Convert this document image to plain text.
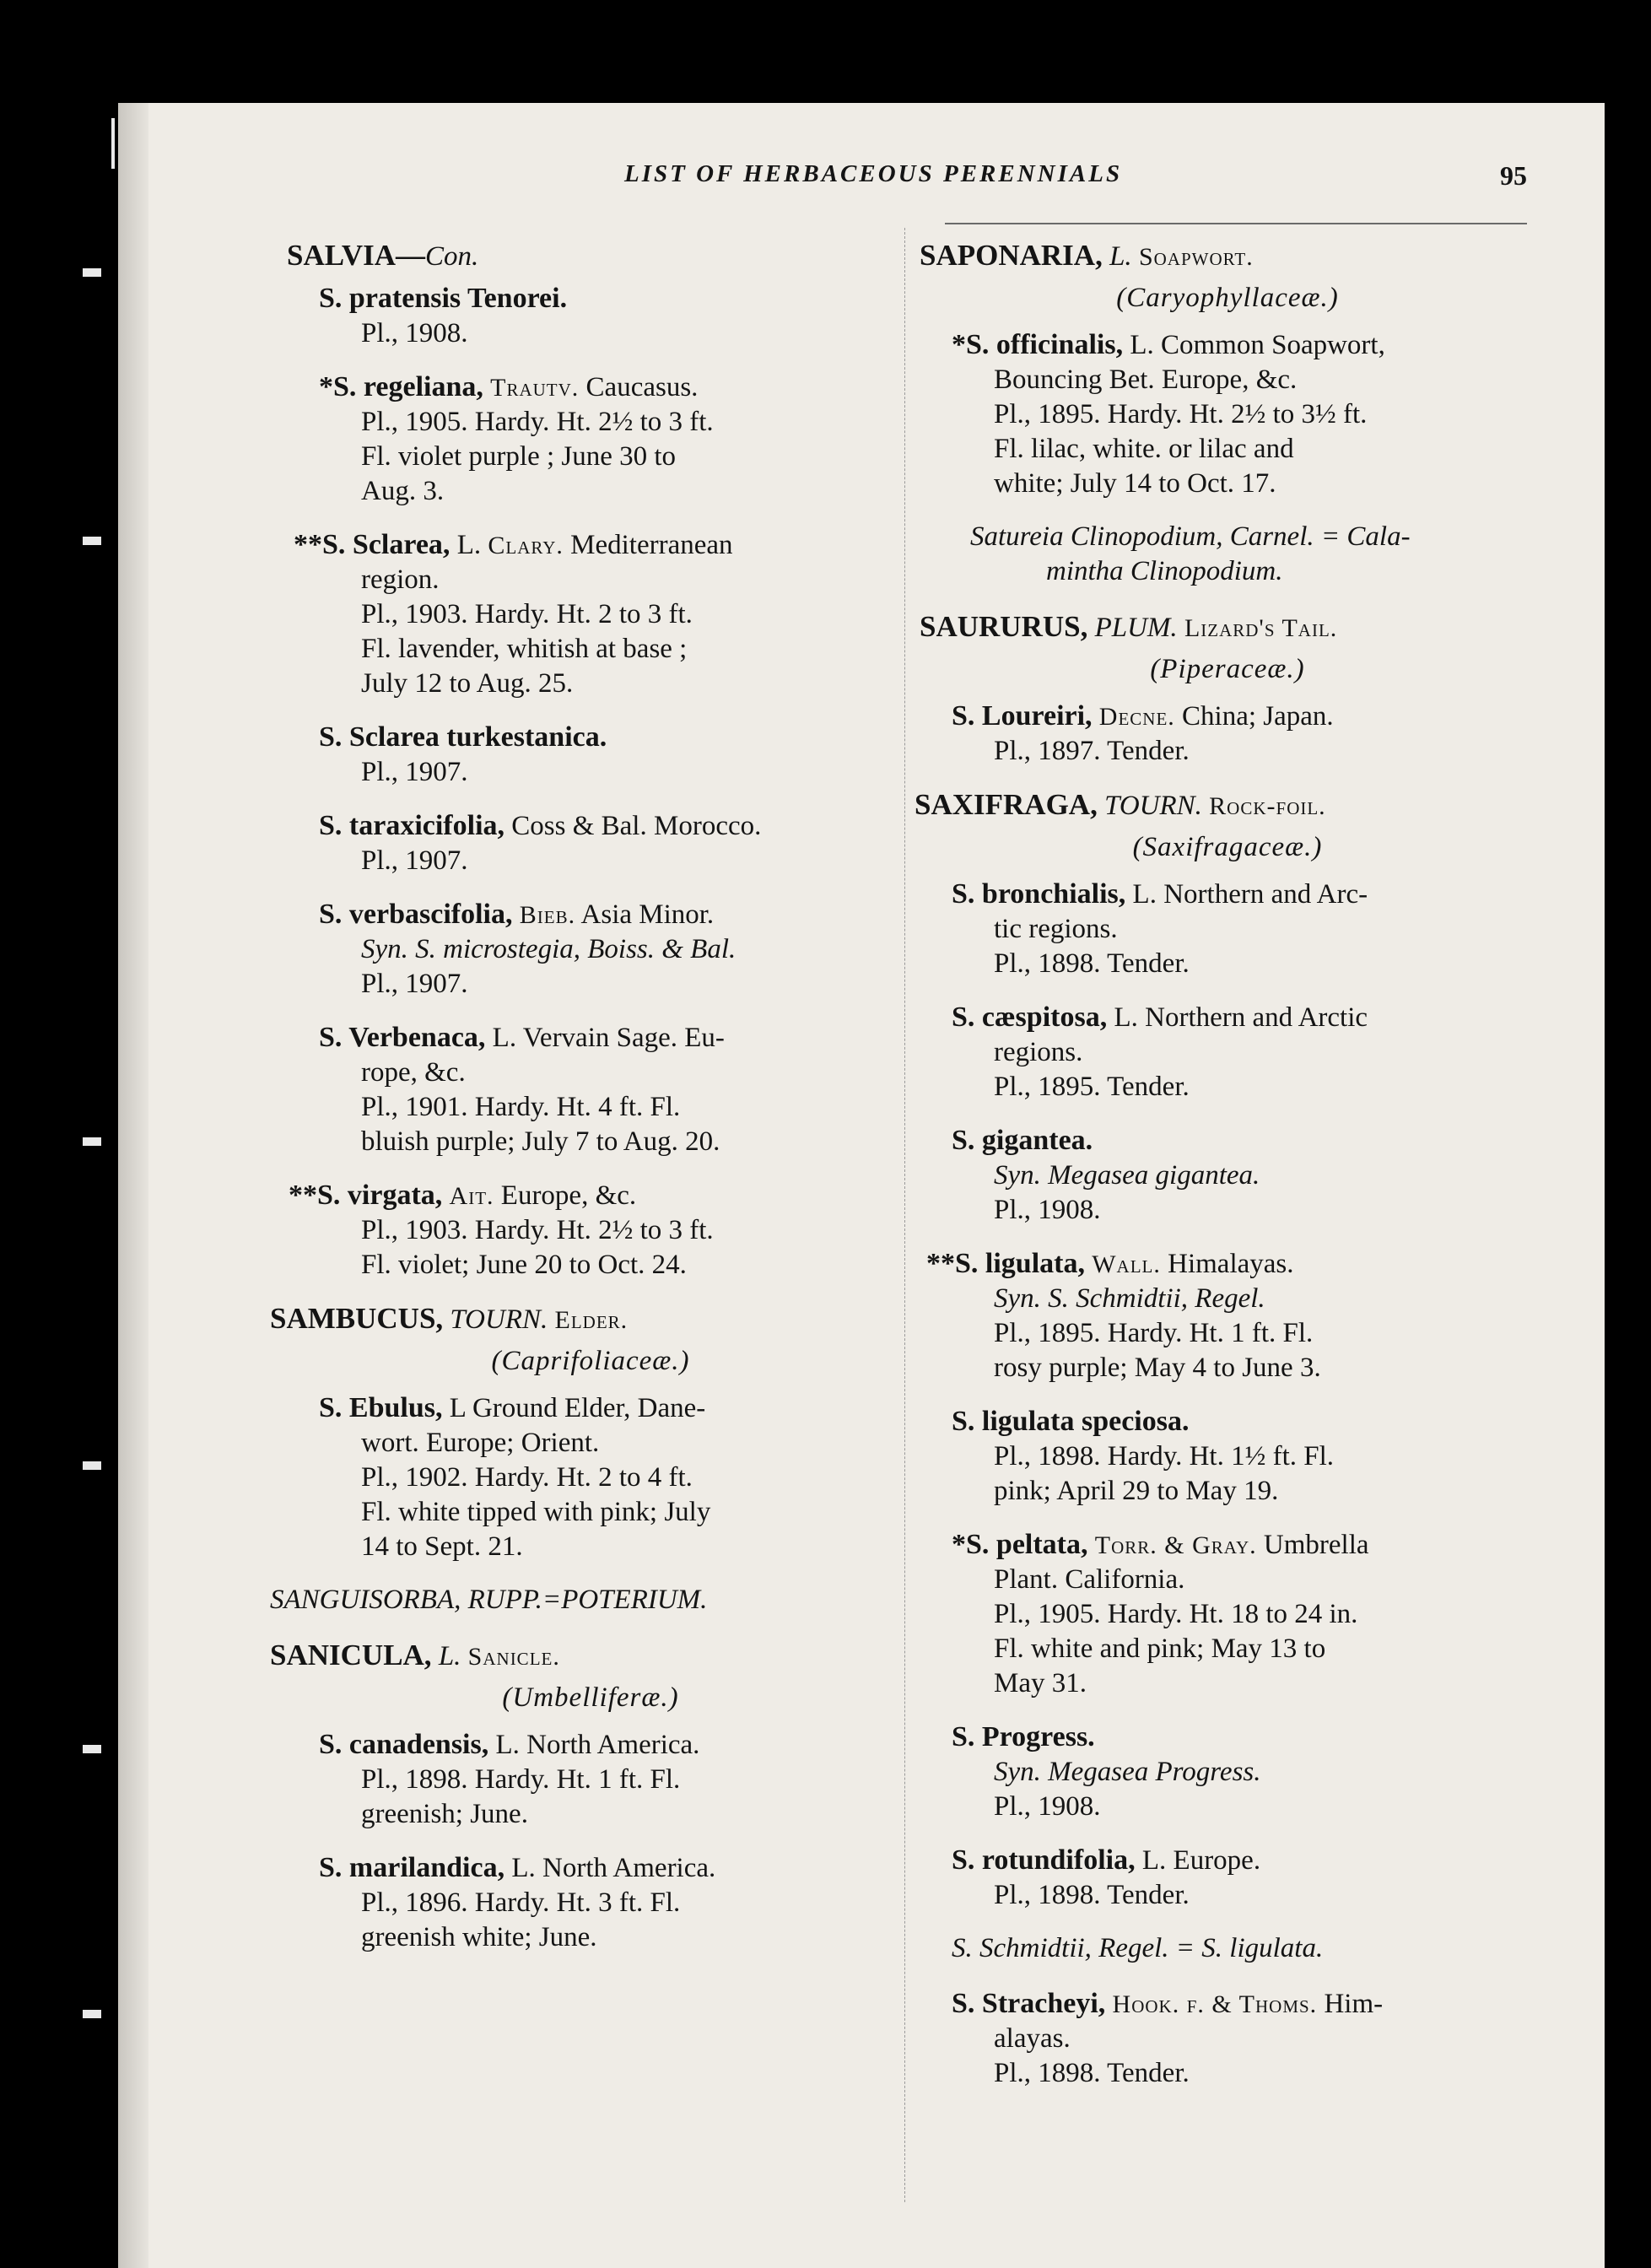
LIST OF HERBACEOUS PERENNIALS	95
SALVIA—Con.
S. pratensis Tenorei.
Pl., 1908.
*S. regeliana, Trautv. Caucasus.
Pl., 1905. Hardy. Ht. 2½ to 3 ft.
Fl. violet purple ; June 30 to
Aug. 3.
**S. Sclarea, L. Clary. Mediterranean
region.
Pl., 1903. Hardy. Ht. 2 to 3 ft.
Fl. lavender, whitish at base ;
July 12 to Aug. 25.
S. Sclarea turkestanica.
Pl., 1907.
S. taraxicifolia, Coss & Bal. Morocco.
Pl., 1907.
S. verbascifolia, Bieb. Asia Minor.
Syn. S. microstegia, Boiss. & Bal.
Pl., 1907.
S. Verbenaca, L. Vervain Sage. Eu-
rope, &c.
Pl., 1901. Hardy. Ht. 4 ft. Fl.
bluish purple; July 7 to Aug. 20.
**S. virgata, Ait. Europe, &c.
Pl., 1903. Hardy. Ht. 2½ to 3 ft.
Fl. violet; June 20 to Oct. 24.
SAMBUCUS, TOURN. Elder.
(Caprifoliaceæ.)
S. Ebulus, L Ground Elder, Dane-
wort. Europe; Orient.
Pl., 1902. Hardy. Ht. 2 to 4 ft.
Fl. white tipped with pink; July
14 to Sept. 21.
SANGUISORBA, RUPP.=POTERIUM.
SANICULA, L. Sanicle.
(Umbelliferæ.)
S. canadensis, L. North America.
Pl., 1898. Hardy. Ht. 1 ft. Fl.
greenish; June.
S. marilandica, L. North America.
Pl., 1896. Hardy. Ht. 3 ft. Fl.
greenish white; June.
SAPONARIA, L. Soapwort.
(Caryophyllaceæ.)
*S. officinalis, L. Common Soapwort,
Bouncing Bet. Europe, &c.
Pl., 1895. Hardy. Ht. 2½ to 3½ ft.
Fl. lilac, white. or lilac and
white; July 14 to Oct. 17.
Satureia Clinopodium, Carnel. = Cala-
mintha Clinopodium.
SAURURUS, PLUM. Lizard's Tail.
(Piperaceæ.)
S. Loureiri, Decne. China; Japan.
Pl., 1897. Tender.
SAXIFRAGA, TOURN. Rock-foil.
(Saxifragaceæ.)
S. bronchialis, L. Northern and Arc-
tic regions.
Pl., 1898. Tender.
S. cæspitosa, L. Northern and Arctic
regions.
Pl., 1895. Tender.
S. gigantea.
Syn. Megasea gigantea.
Pl., 1908.
**S. ligulata, Wall. Himalayas.
Syn. S. Schmidtii, Regel.
Pl., 1895. Hardy. Ht. 1 ft. Fl.
rosy purple; May 4 to June 3.
S. ligulata speciosa.
Pl., 1898. Hardy. Ht. 1½ ft. Fl.
pink; April 29 to May 19.
*S. peltata, Torr. & Gray. Umbrella
Plant. California.
Pl., 1905. Hardy. Ht. 18 to 24 in.
Fl. white and pink; May 13 to
May 31.
S. Progress.
Syn. Megasea Progress.
Pl., 1908.
S. rotundifolia, L. Europe.
Pl., 1898. Tender.
S. Schmidtii, Regel. = S. ligulata.
S. Stracheyi, Hook. f. & Thoms. Him-
alayas.
Pl., 1898. Tender.
